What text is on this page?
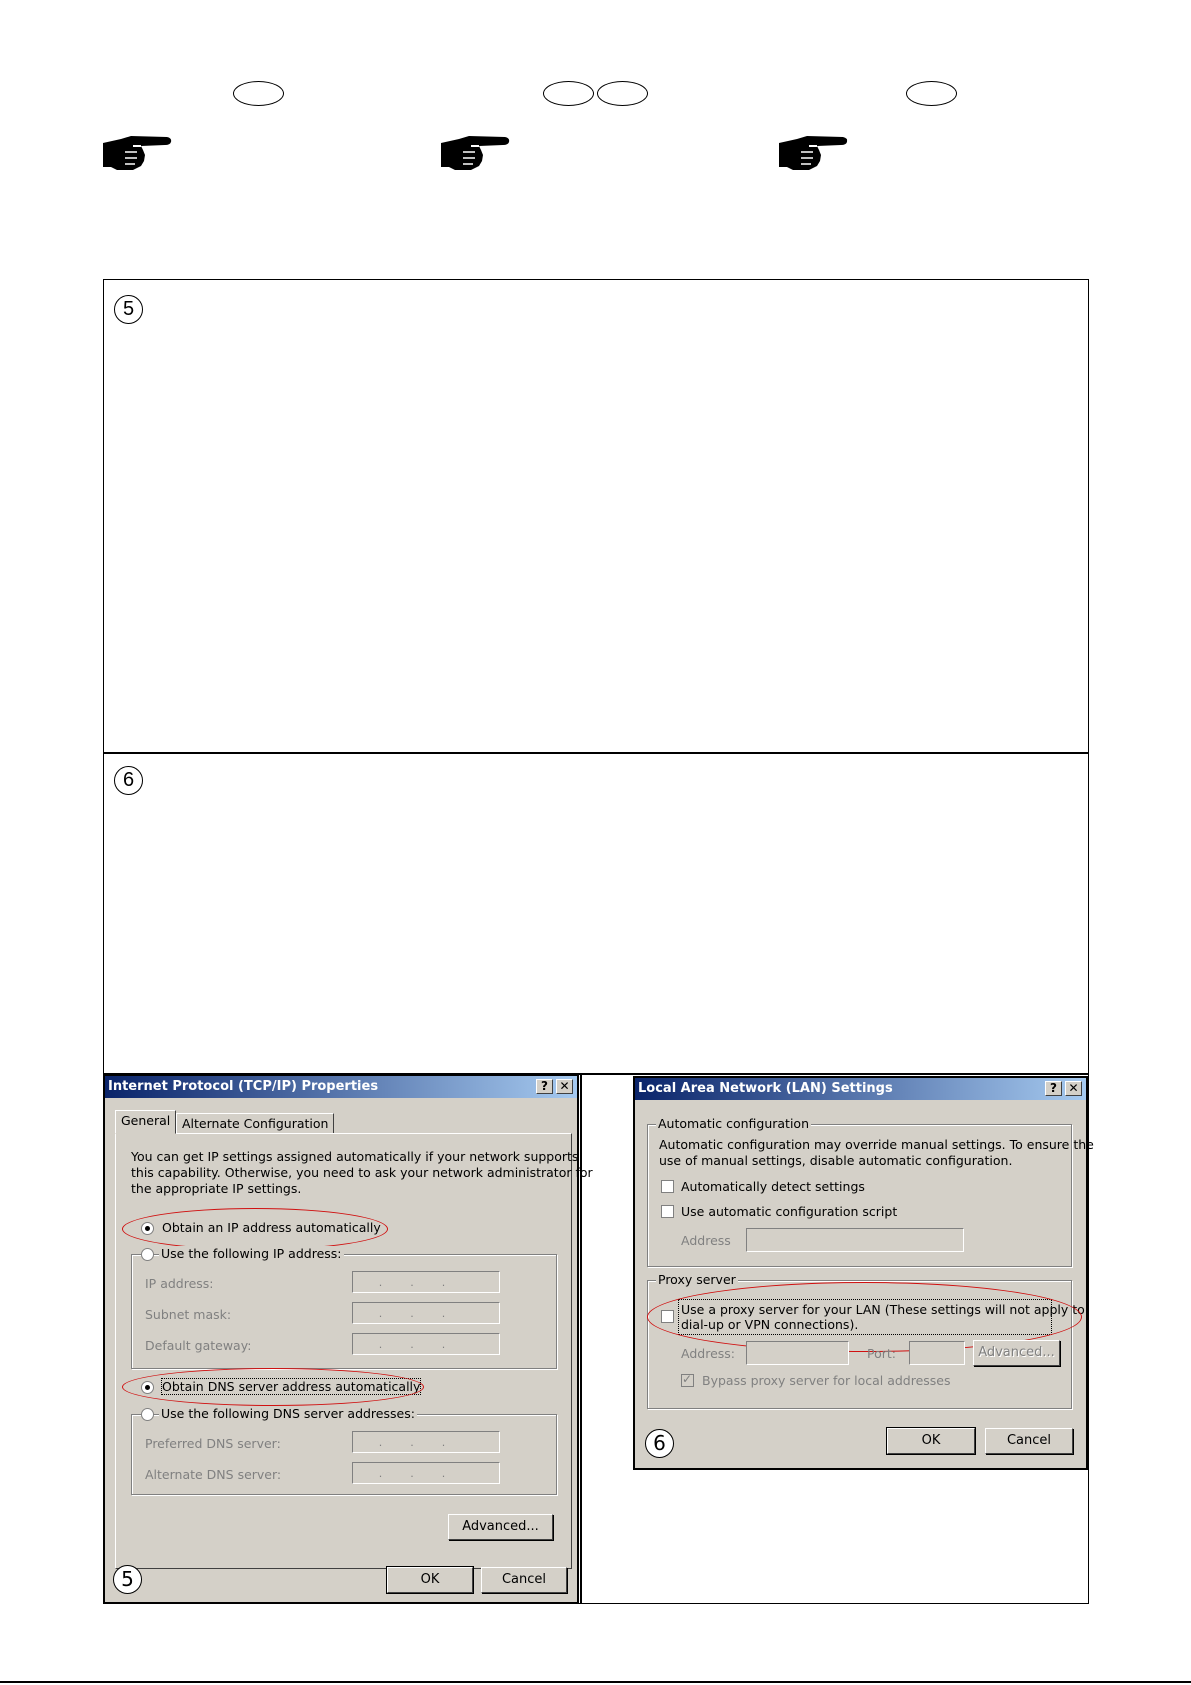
5
6
Internet Protocol (TCP/IP) Properties	? ✕
General Alternate Configuration
You can get IP settings assigned automatically if your network supports
this capability. Otherwise, you need to ask your network administrator for
the appropriate IP settings.
Obtain an IP address automatically
Use the following IP address:
IP address:	...
Subnet mask:	...
Default gateway:	...
Obtain DNS server address automatically
Use the following DNS server addresses:
Preferred DNS server:	...
Alternate DNS server:	...
Advanced...
5	OK	Cancel
Local Area Network (LAN) Settings	? ✕
Automatic configuration
Automatic configuration may override manual settings. To ensure the
use of manual settings, disable automatic configuration.
Automatically detect settings
Use automatic configuration script
Address
Proxy server
Use a proxy server for your LAN (These settings will not apply to
dial-up or VPN connections).
Address:	Port:	Advanced...
✓
Bypass proxy server for local addresses
6	OK	Cancel
